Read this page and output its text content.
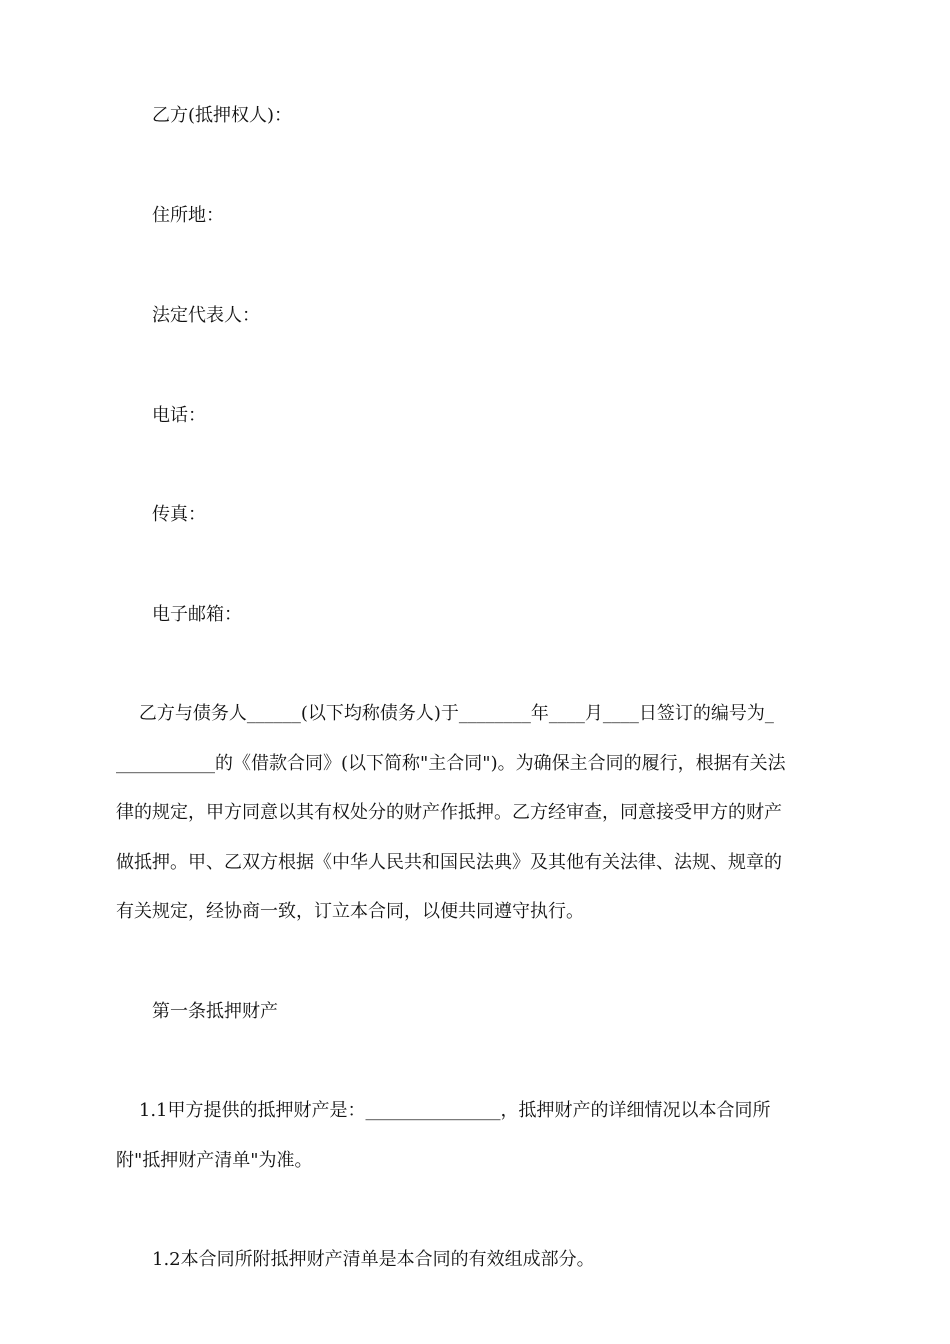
乙方(抵押权人)：
住所地：
法定代表人：
电话：
传真：
电子邮箱：
乙方与债务人______(以下均称债务人)于________年____月____日签订的编号为_
___________的《借款合同》(以下简称"主合同")。为确保主合同的履行，根据有关法
律的规定，甲方同意以其有权处分的财产作抵押。乙方经审查，同意接受甲方的财产
做抵押。甲、乙双方根据《中华人民共和国民法典》及其他有关法律、法规、规章的
有关规定，经协商一致，订立本合同，以便共同遵守执行。
第一条抵押财产
1.1甲方提供的抵押财产是：_______________，抵押财产的详细情况以本合同所
附"抵押财产清单"为准。
1.2本合同所附抵押财产清单是本合同的有效组成部分。
